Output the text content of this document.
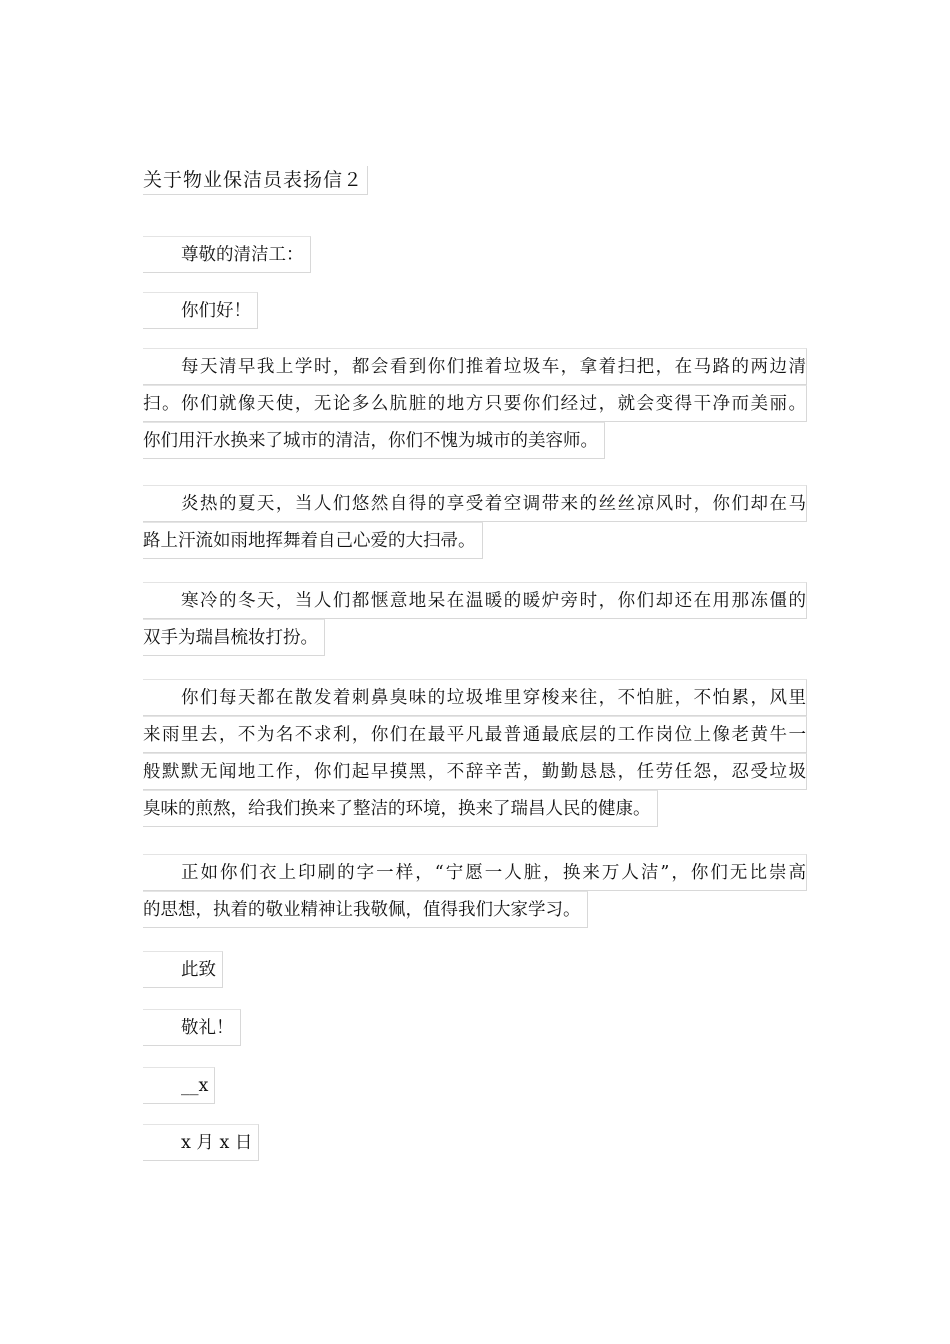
关于物业保洁员表扬信２
尊敬的清洁工：
你们好！
每天清早我上学时，都会看到你们推着垃圾车，拿着扫把，在马路的两边清
扫。你们就像天使，无论多么肮脏的地方只要你们经过，就会变得干净而美丽。
你们用汗水换来了城市的清洁，你们不愧为城市的美容师。
炎热的夏天，当人们悠然自得的享受着空调带来的丝丝凉风时，你们却在马
路上汗流如雨地挥舞着自己心爱的大扫帚。
寒冷的冬天，当人们都惬意地呆在温暖的暖炉旁时，你们却还在用那冻僵的
双手为瑞昌梳妆打扮。
你们每天都在散发着刺鼻臭味的垃圾堆里穿梭来往，不怕脏，不怕累，风里
来雨里去，不为名不求利，你们在最平凡最普通最底层的工作岗位上像老黄牛一
般默默无闻地工作，你们起早摸黑，不辞辛苦，勤勤恳恳，任劳任怨，忍受垃圾
臭味的煎熬，给我们换来了整洁的环境，换来了瑞昌人民的健康。
正如你们衣上印刷的字一样，“宁愿一人脏，换来万人洁”，你们无比崇高
的思想，执着的敬业精神让我敬佩，值得我们大家学习。
此致
敬礼！
__x
x 月 x 日
